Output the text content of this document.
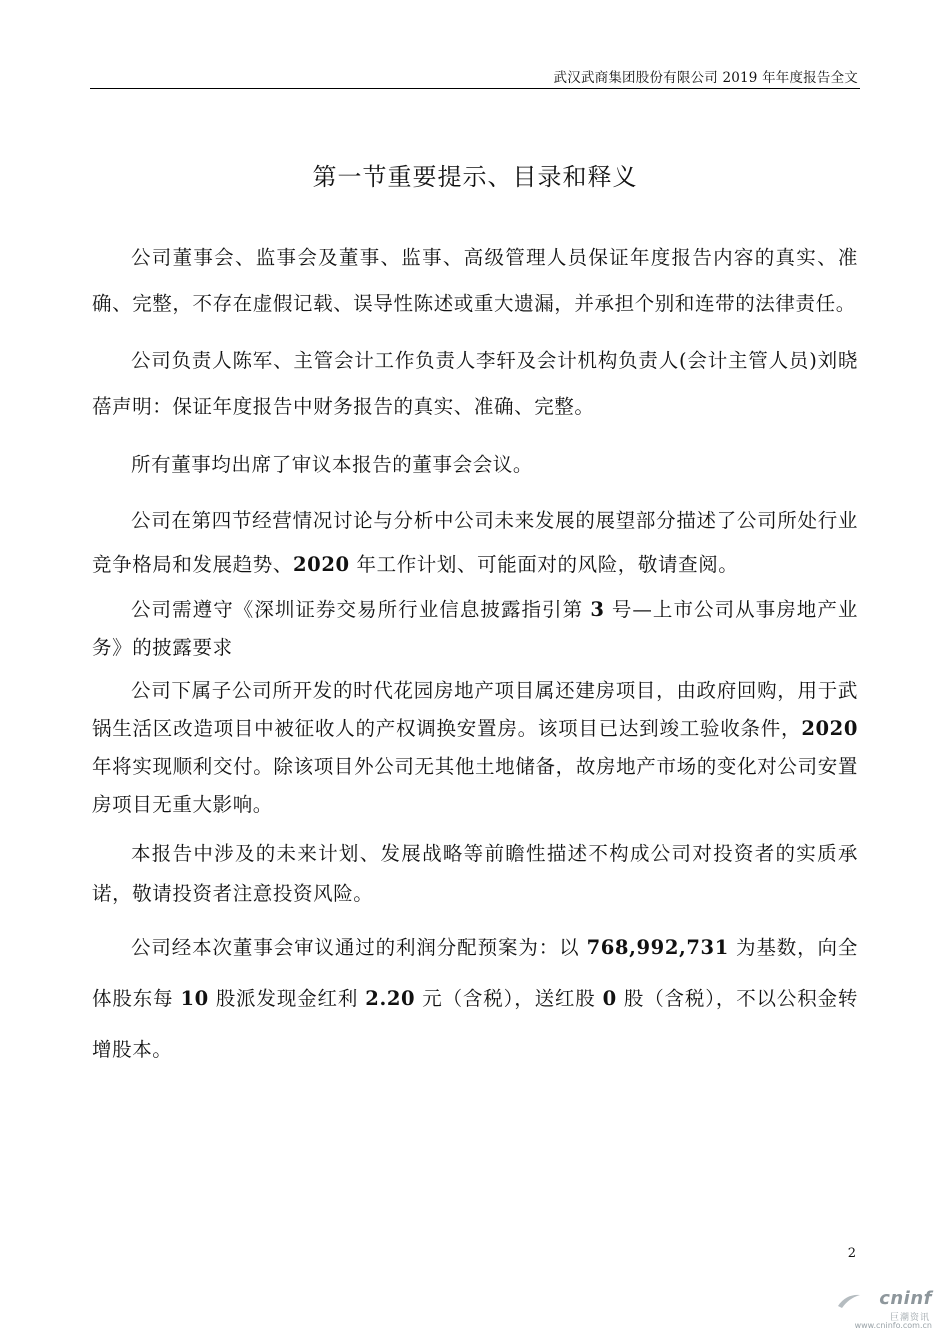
武汉武商集团股份有限公司 2019 年年度报告全文
第一节重要提示、目录和释义

公司董事会、监事会及董事、监事、高级管理人员保证年度报告内容的真实、准确、完整，不存在虚假记载、误导性陈述或重大遗漏，并承担个别和连带的法律责任。

公司负责人陈军、主管会计工作负责人李轩及会计机构负责人(会计主管人员)刘晓蓓声明：保证年度报告中财务报告的真实、准确、完整。

所有董事均出席了审议本报告的董事会会议。

公司在第四节经营情况讨论与分析中公司未来发展的展望部分描述了公司所处行业竞争格局和发展趋势、2020 年工作计划、可能面对的风险，敬请查阅。

公司需遵守《深圳证券交易所行业信息披露指引第 3 号—上市公司从事房地产业务》的披露要求

公司下属子公司所开发的时代花园房地产项目属还建房项目，由政府回购，用于武锅生活区改造项目中被征收人的产权调换安置房。该项目已达到竣工验收条件，2020 年将实现顺利交付。除该项目外公司无其他土地储备，故房地产市场的变化对公司安置房项目无重大影响。

本报告中涉及的未来计划、发展战略等前瞻性描述不构成公司对投资者的实质承诺，敬请投资者注意投资风险。

公司经本次董事会审议通过的利润分配预案为：以 768,992,731 为基数，向全体股东每 10 股派发现金红利 2.20 元（含税），送红股 0 股（含税），不以公积金转增股本。

2
cninf
巨潮资讯
www.cninfo.com.cn
